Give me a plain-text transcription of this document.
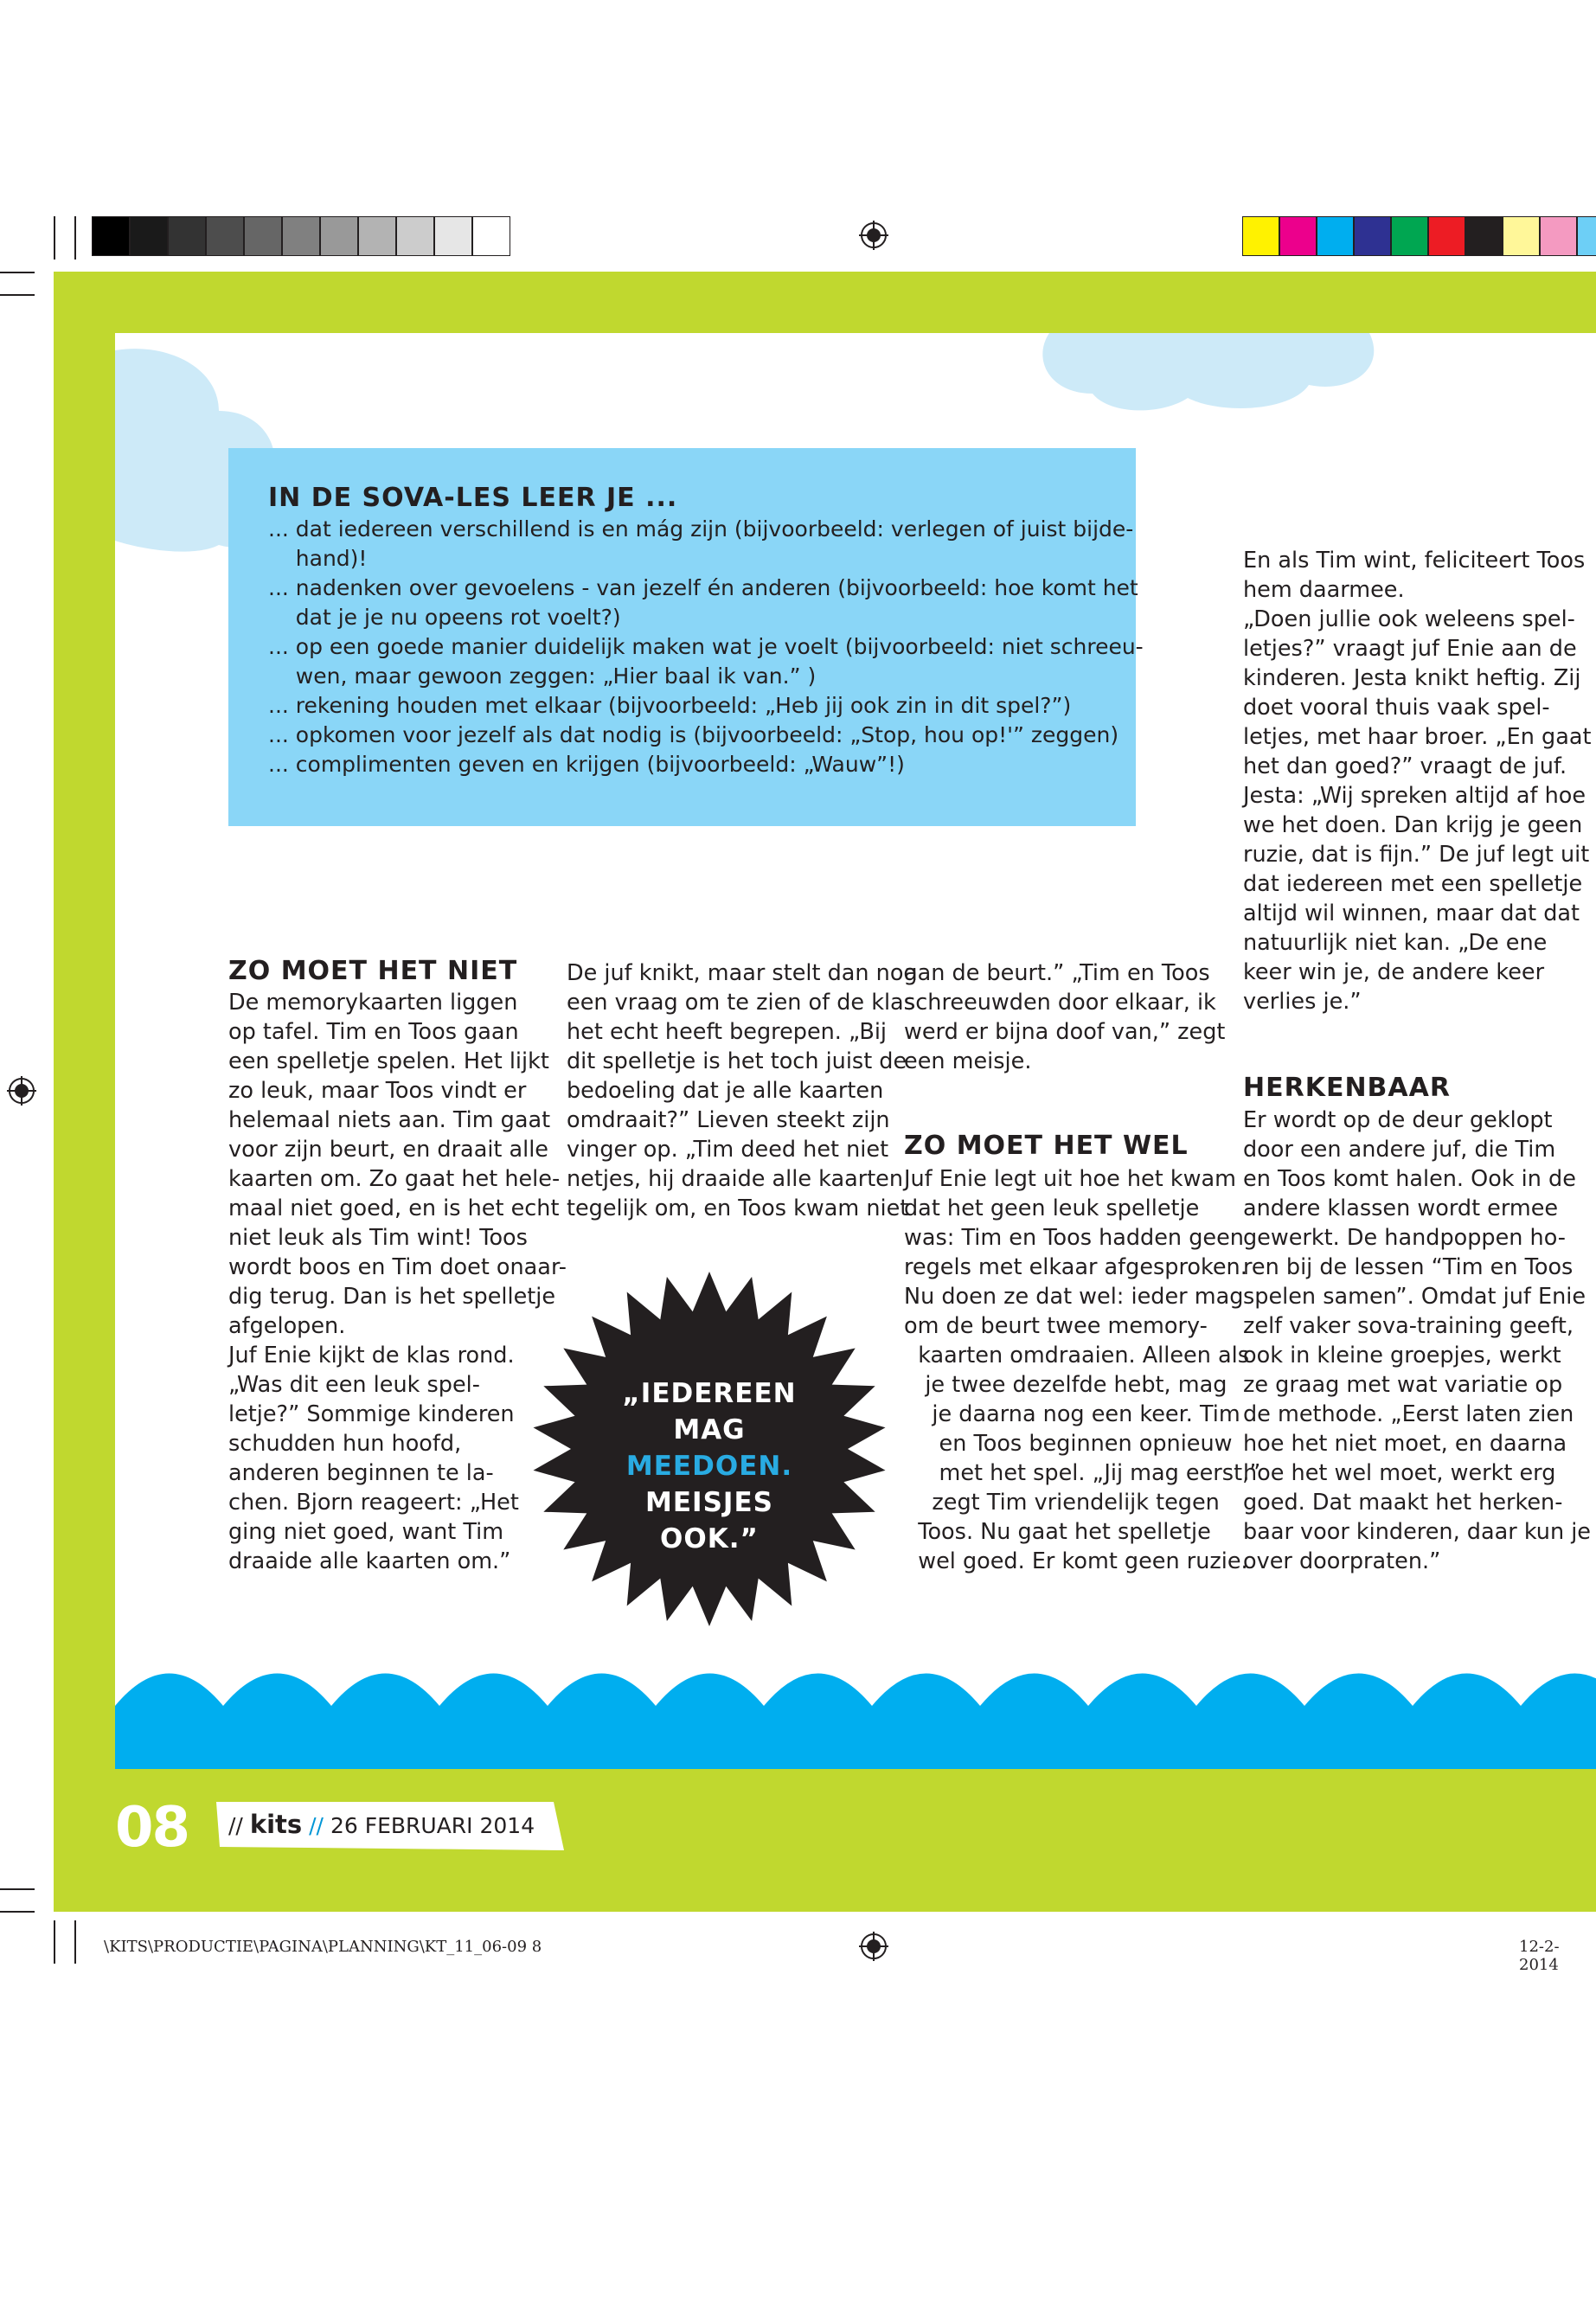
IN DE SOVA-LES LEER JE ...
... dat iedereen verschillend is en mág zijn (bijvoorbeeld: verlegen of juist bijde-
hand)!
... nadenken over gevoelens - van jezelf én anderen (bijvoorbeeld: hoe komt het
dat je je nu opeens rot voelt?)
... op een goede manier duidelijk maken wat je voelt (bijvoorbeeld: niet schreeu-
wen, maar gewoon zeggen: „Hier baal ik van.” )
... rekening houden met elkaar (bijvoorbeeld: „Heb jij ook zin in dit spel?”)
... opkomen voor jezelf als dat nodig is (bijvoorbeeld: „Stop, hou op!'” zeggen)
... complimenten geven en krijgen (bijvoorbeeld: „Wauw”!)
ZO MOET HET NIET
De memorykaarten liggen
op tafel. Tim en Toos gaan
een spelletje spelen. Het lijkt
zo leuk, maar Toos vindt er
helemaal niets aan. Tim gaat
voor zijn beurt, en draait alle
kaarten om. Zo gaat het hele-
maal niet goed, en is het echt
niet leuk als Tim wint! Toos
wordt boos en Tim doet onaar-
dig terug. Dan is het spelletje
afgelopen.
Juf Enie kijkt de klas rond.
„Was dit een leuk spel-
letje?” Sommige kinderen
schudden hun hoofd,
anderen beginnen te la-
chen. Bjorn reageert: „Het
ging niet goed, want Tim
draaide alle kaarten om.”
De juf knikt, maar stelt dan nog
een vraag om te zien of de klas
het echt heeft begrepen. „Bij
dit spelletje is het toch juist de
bedoeling dat je alle kaarten
omdraait?” Lieven steekt zijn
vinger op. „Tim deed het niet
netjes, hij draaide alle kaarten
tegelijk om, en Toos kwam niet
„IEDEREEN
MAG
MEEDOEN.
MEISJES
OOK.”
aan de beurt.” „Tim en Toos
schreeuwden door elkaar, ik
werd er bijna doof van,” zegt
een meisje.
ZO MOET HET WEL
Juf Enie legt uit hoe het kwam
dat het geen leuk spelletje
was: Tim en Toos hadden geen
regels met elkaar afgesproken.
Nu doen ze dat wel: ieder mag
om de beurt twee memory-
kaarten omdraaien. Alleen als
je twee dezelfde hebt, mag
je daarna nog een keer. Tim
en Toos beginnen opnieuw
met het spel. „Jij mag eerst,”
zegt Tim vriendelijk tegen
Toos. Nu gaat het spelletje
wel goed. Er komt geen ruzie.
En als Tim wint, feliciteert Toos
hem daarmee.
„Doen jullie ook weleens spel-
letjes?” vraagt juf Enie aan de
kinderen. Jesta knikt heftig. Zij
doet vooral thuis vaak spel-
letjes, met haar broer. „En gaat
het dan goed?” vraagt de juf.
Jesta: „Wij spreken altijd af hoe
we het doen. Dan krijg je geen
ruzie, dat is fijn.” De juf legt uit
dat iedereen met een spelletje
altijd wil winnen, maar dat dat
natuurlijk niet kan. „De ene
keer win je, de andere keer
verlies je.”
HERKENBAAR
Er wordt op de deur geklopt
door een andere juf, die Tim
en Toos komt halen. Ook in de
andere klassen wordt ermee
gewerkt. De handpoppen ho-
ren bij de lessen “Tim en Toos
spelen samen”. Omdat juf Enie
zelf vaker sova-training geeft,
ook in kleine groepjes, werkt
ze graag met wat variatie op
de methode. „Eerst laten zien
hoe het niet moet, en daarna
hoe het wel moet, werkt erg
goed. Dat maakt het herken-
baar voor kinderen, daar kun je
over doorpraten.”
08 // kits // 26 FEBRUARI 2014
\KITS\PRODUCTIE\PAGINA\PLANNING\KT_11_06-09 8	12-2-2014
